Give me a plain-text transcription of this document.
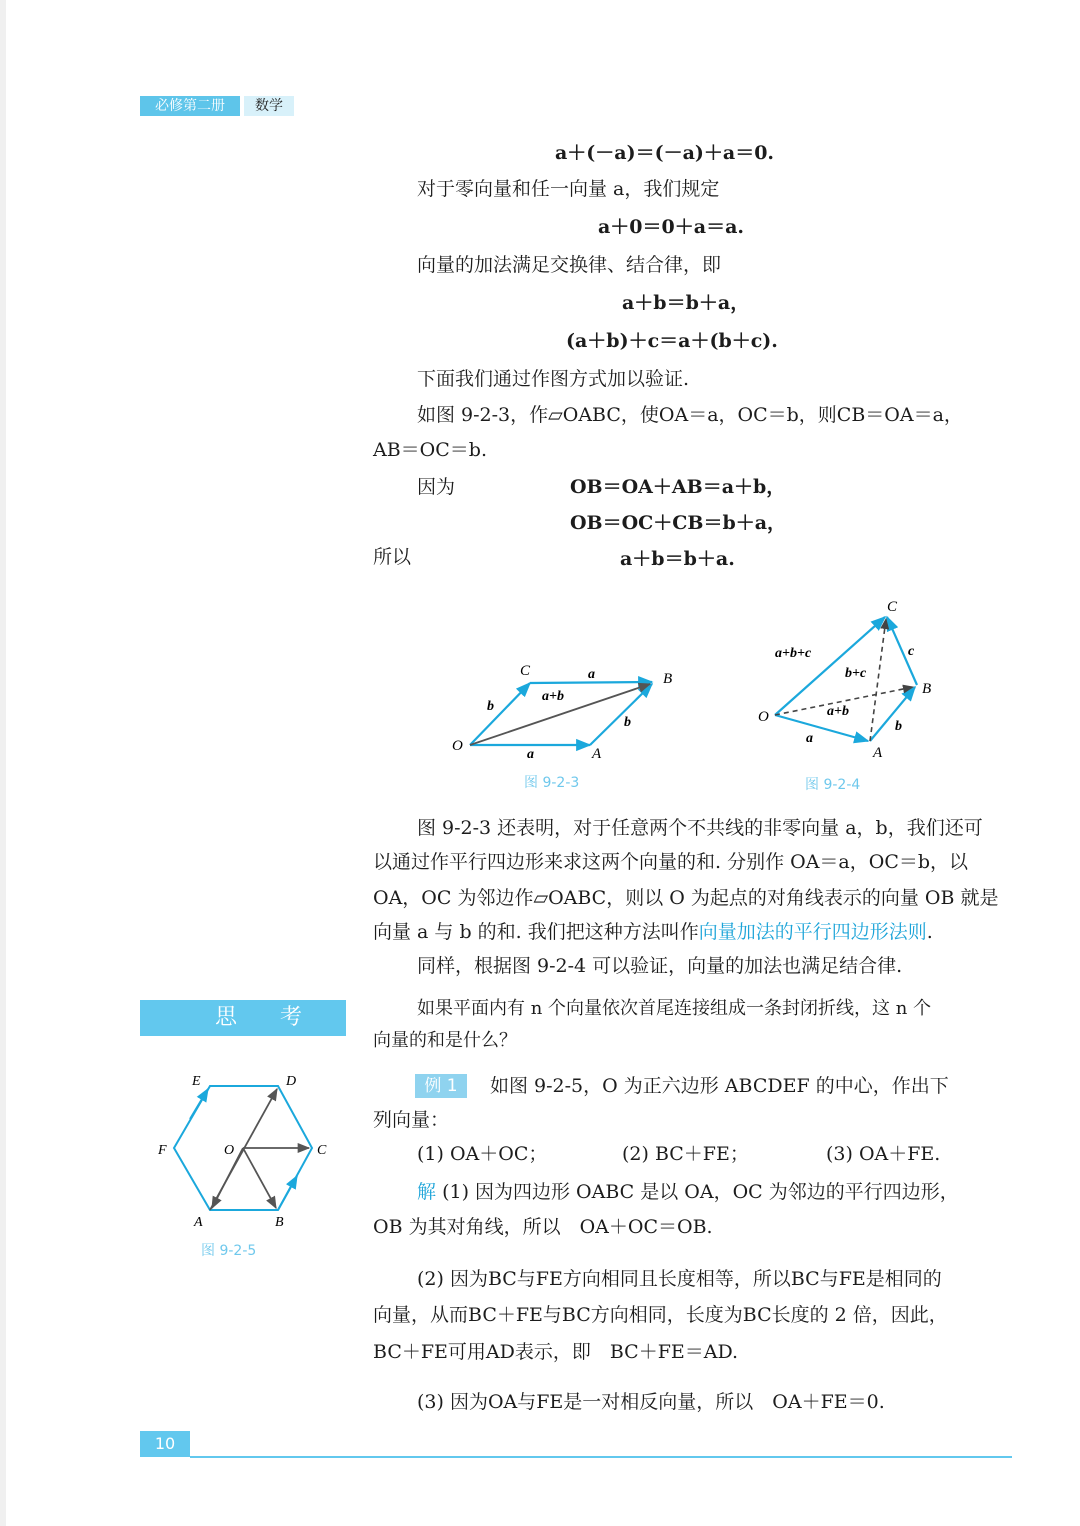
必修第二册	数学
a＋(－a)＝(－a)＋a＝0.
对于零向量和任一向量 a，我们规定
a＋0＝0＋a＝a.
向量的加法满足交换律、结合律，即
a＋b＝b＋a，
(a＋b)＋c＝a＋(b＋c).
下面我们通过作图方式加以验证.
如图 9-2-3，作▱OABC，使OA＝a，OC＝b，则CB＝OA＝a，
AB＝OC＝b.
因为	OB＝OA＋AB＝a＋b，
OB＝OC＋CB＝b＋a，
所以	a＋b＝b＋a.
O	A
B
C	a
a
b
b
a+b
图 9-2-3
O
A
B
C
a
b
c
a+b
b+c
a+b+c
图 9-2-4
图 9-2-3 还表明，对于任意两个不共线的非零向量 a，b，我们还可
以通过作平行四边形来求这两个向量的和. 分别作 OA＝a，OC＝b，以
OA，OC 为邻边作▱OABC，则以 O 为起点的对角线表示的向量 OB 就是
向量 a 与 b 的和. 我们把这种方法叫作向量加法的平行四边形法则.
同样，根据图 9-2-4 可以验证，向量的加法也满足结合律.
思 考	如果平面内有 n 个向量依次首尾连接组成一条封闭折线，这 n 个
向量的和是什么？
A	B
C
D
E
F	O
图 9-2-5
例 1	如图 9-2-5，O 为正六边形 ABCDEF 的中心，作出下
列向量：
(1) OA＋OC；	(2) BC＋FE；	(3) OA＋FE.
解 (1) 因为四边形 OABC 是以 OA，OC 为邻边的平行四边形，
OB 为其对角线，所以　OA＋OC＝OB.
(2) 因为BC与FE方向相同且长度相等，所以BC与FE是相同的
向量，从而BC＋FE与BC方向相同，长度为BC长度的 2 倍，因此，
BC＋FE可用AD表示，即　BC＋FE＝AD.
(3) 因为OA与FE是一对相反向量，所以　OA＋FE＝0.
10
